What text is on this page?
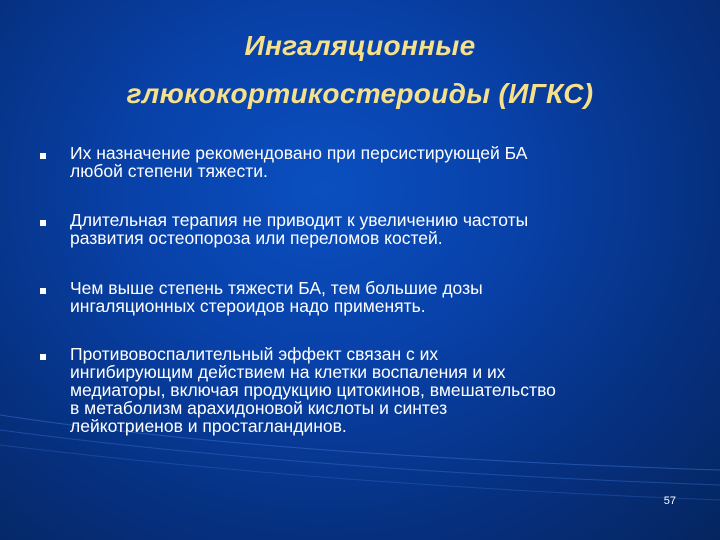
Ингаляционные
глюкокортикостероиды (ИГКС)
Их назначение рекомендовано при персистирующей БА
любой степени тяжести.
Длительная терапия не приводит к увеличению частоты
развития остеопороза или переломов костей.
Чем выше степень тяжести БА, тем большие дозы
ингаляционных стероидов надо применять.
Противовоспалительный эффект связан с их
ингибирующим действием на клетки воспаления и их
медиаторы, включая продукцию цитокинов, вмешательство
в метаболизм арахидоновой кислоты и синтез
лейкотриенов и простагландинов.
57
